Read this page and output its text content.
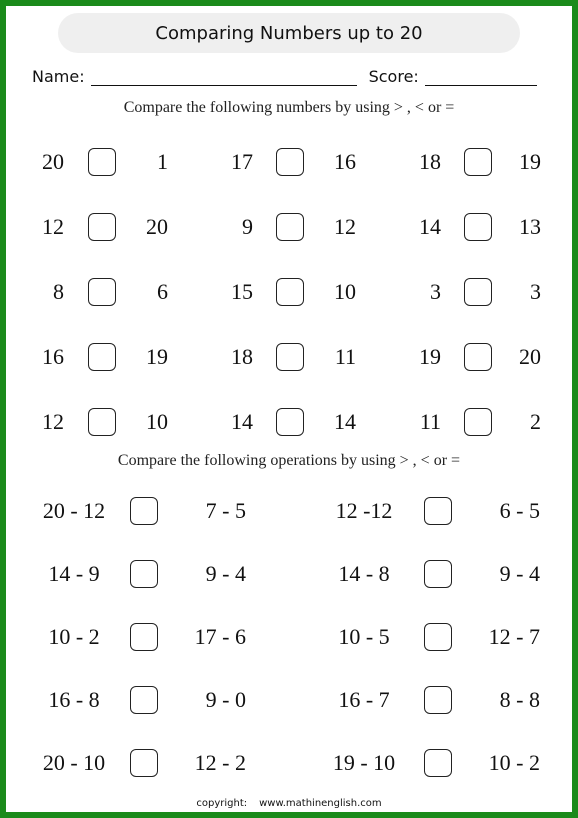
Comparing Numbers up to 20
Name:	Score:
Compare the following numbers by using > , < or =
20	1	17	16	18	19
12	20	9	12	14	13
8	6	15	10	3	3
16	19	18	11	19	20
12	10	14	14	11	2
Compare the following operations by using > , < or =
20 - 12	7 - 5	12 -12	6 - 5
14 - 9	9 - 4	14 - 8	9 - 4
10 - 2	17 - 6	10 - 5	12 - 7
16 - 8	9 - 0	16 - 7	8 - 8
20 - 10	12 - 2	19 - 10	10 - 2
copyright: www.mathinenglish.com
